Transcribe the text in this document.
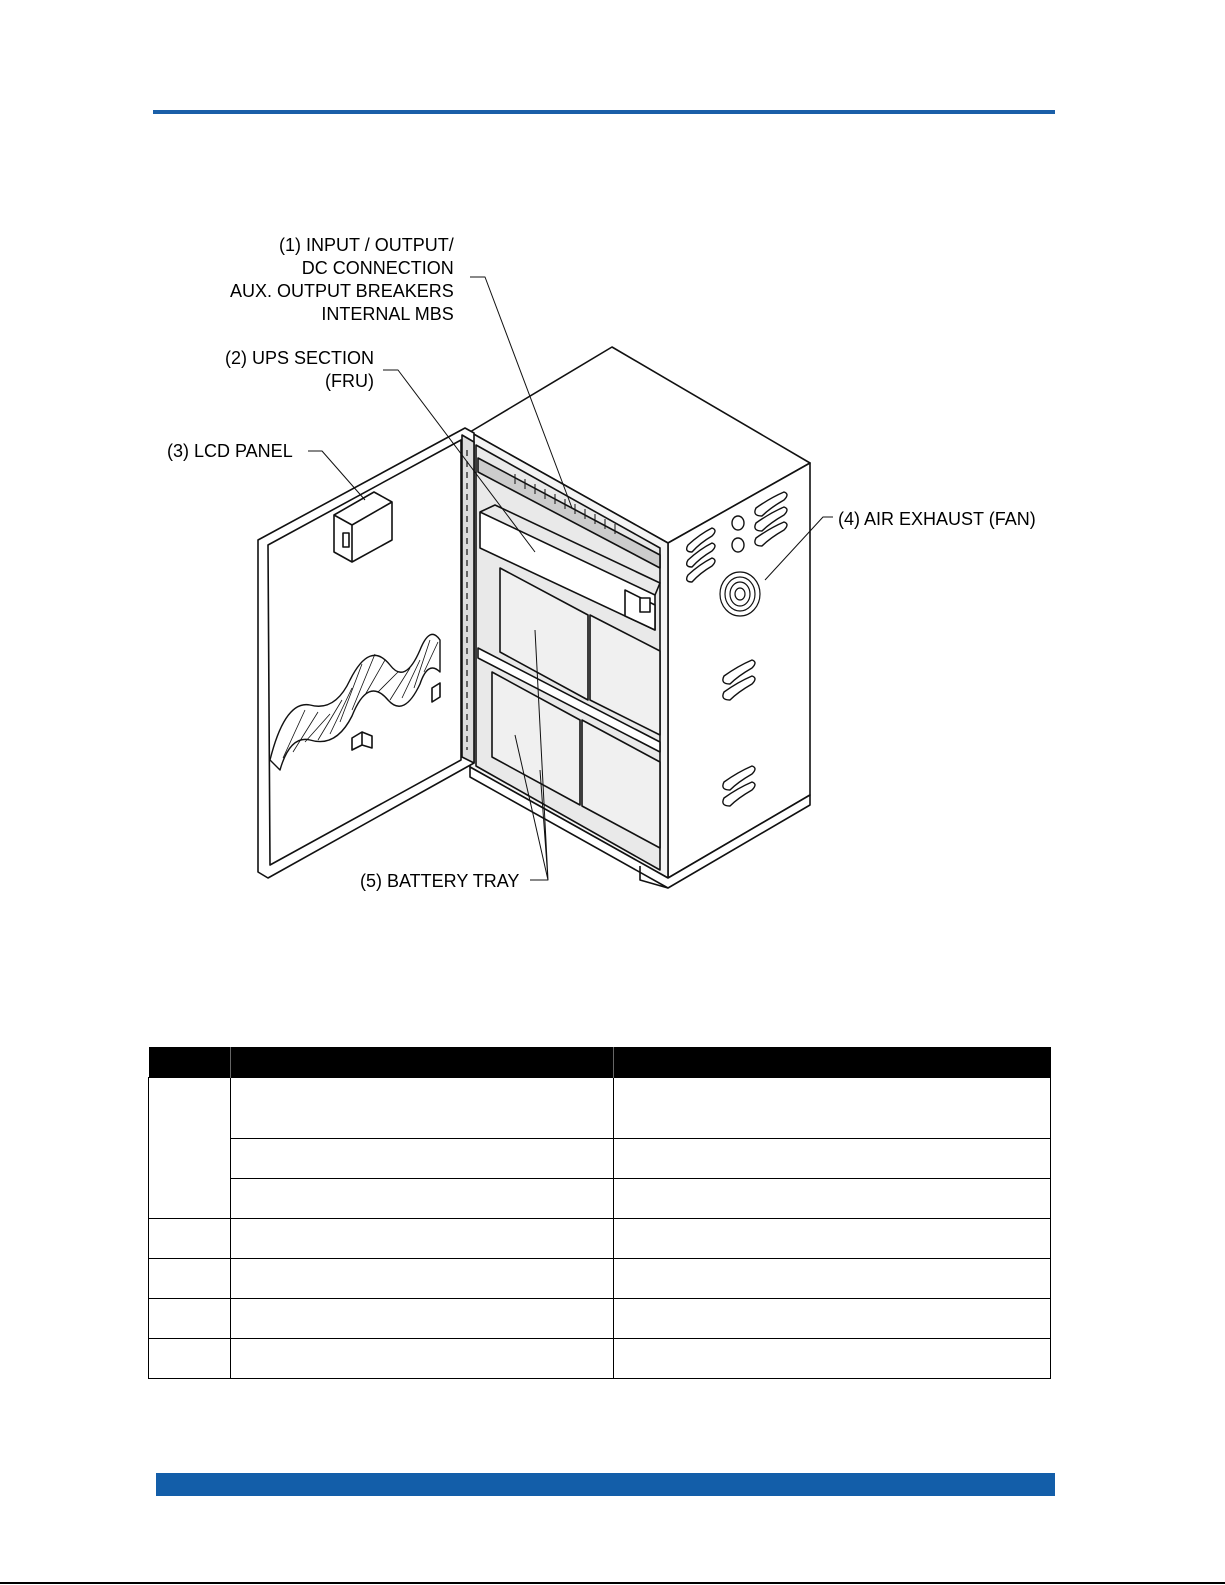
(1) INPUT / OUTPUT/
DC CONNECTION
AUX. OUTPUT BREAKERS
INTERNAL MBS
(2) UPS SECTION
(FRU)
(3) LCD PANEL
(4) AIR EXHAUST (FAN)
(5) BATTERY TRAY
